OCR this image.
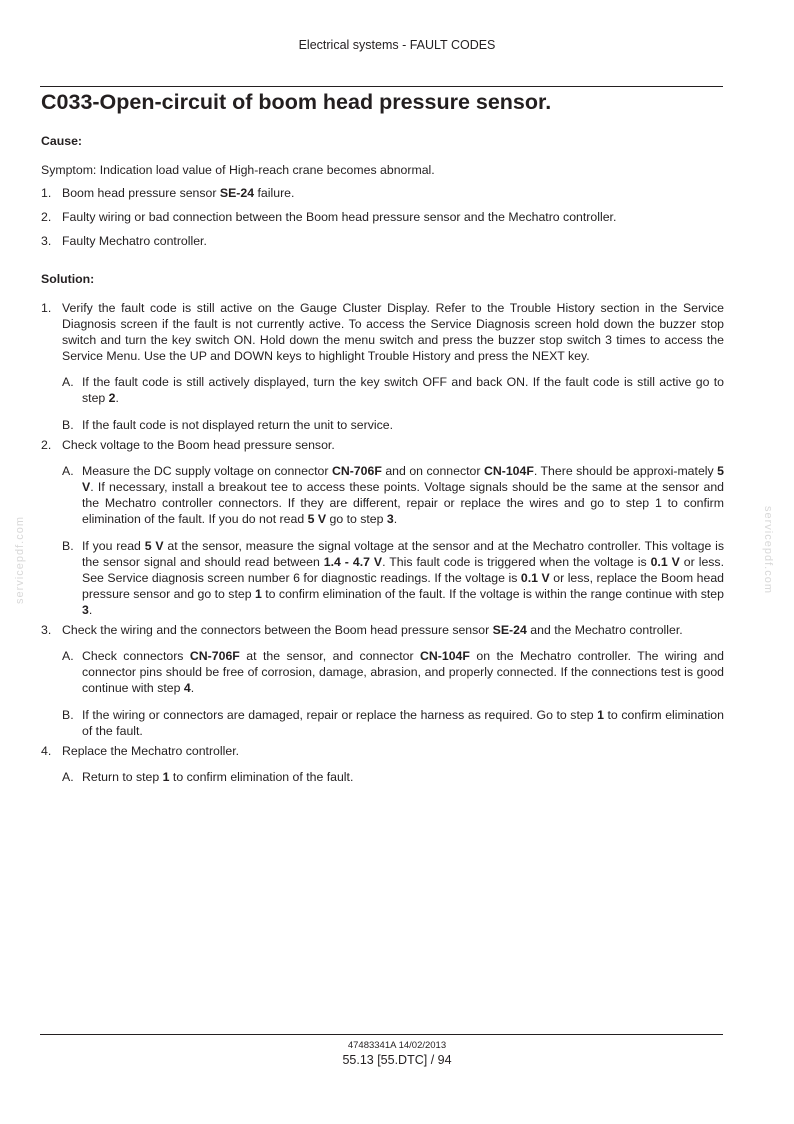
Electrical systems - FAULT CODES
C033-Open-circuit of boom head pressure sensor.
Cause:

Symptom: Indication load value of High-reach crane becomes abnormal.

1. Boom head pressure sensor SE-24 failure.
2. Faulty wiring or bad connection between the Boom head pressure sensor and the Mechatro controller.
3. Faulty Mechatro controller.
Solution:
1. Verify the fault code is still active on the Gauge Cluster Display. Refer to the Trouble History section in the Service Diagnosis screen if the fault is not currently active. To access the Service Diagnosis screen hold down the buzzer stop switch and turn the key switch ON. Hold down the menu switch and press the buzzer stop switch 3 times to access the Service Menu. Use the UP and DOWN keys to highlight Trouble History and press the NEXT key.
A. If the fault code is still actively displayed, turn the key switch OFF and back ON. If the fault code is still active go to step 2.
B. If the fault code is not displayed return the unit to service.
2. Check voltage to the Boom head pressure sensor.
A. Measure the DC supply voltage on connector CN-706F and on connector CN-104F. There should be approxi-mately 5 V. If necessary, install a breakout tee to access these points. Voltage signals should be the same at the sensor and the Mechatro controller connectors. If they are different, repair or replace the wires and go to step 1 to confirm elimination of the fault. If you do not read 5 V go to step 3.
B. If you read 5 V at the sensor, measure the signal voltage at the sensor and at the Mechatro controller. This voltage is the sensor signal and should read between 1.4 - 4.7 V. This fault code is triggered when the voltage is 0.1 V or less. See Service diagnosis screen number 6 for diagnostic readings. If the voltage is 0.1 V or less, replace the Boom head pressure sensor and go to step 1 to confirm elimination of the fault. If the voltage is within the range continue with step 3.
3. Check the wiring and the connectors between the Boom head pressure sensor SE-24 and the Mechatro controller.
A. Check connectors CN-706F at the sensor, and connector CN-104F on the Mechatro controller. The wiring and connector pins should be free of corrosion, damage, abrasion, and properly connected. If the connections test is good continue with step 4.
B. If the wiring or connectors are damaged, repair or replace the harness as required. Go to step 1 to confirm elimination of the fault.
4. Replace the Mechatro controller.
A. Return to step 1 to confirm elimination of the fault.
servicepdf.com	servicepdf.com
47483341A 14/02/2013
55.13 [55.DTC] / 94
